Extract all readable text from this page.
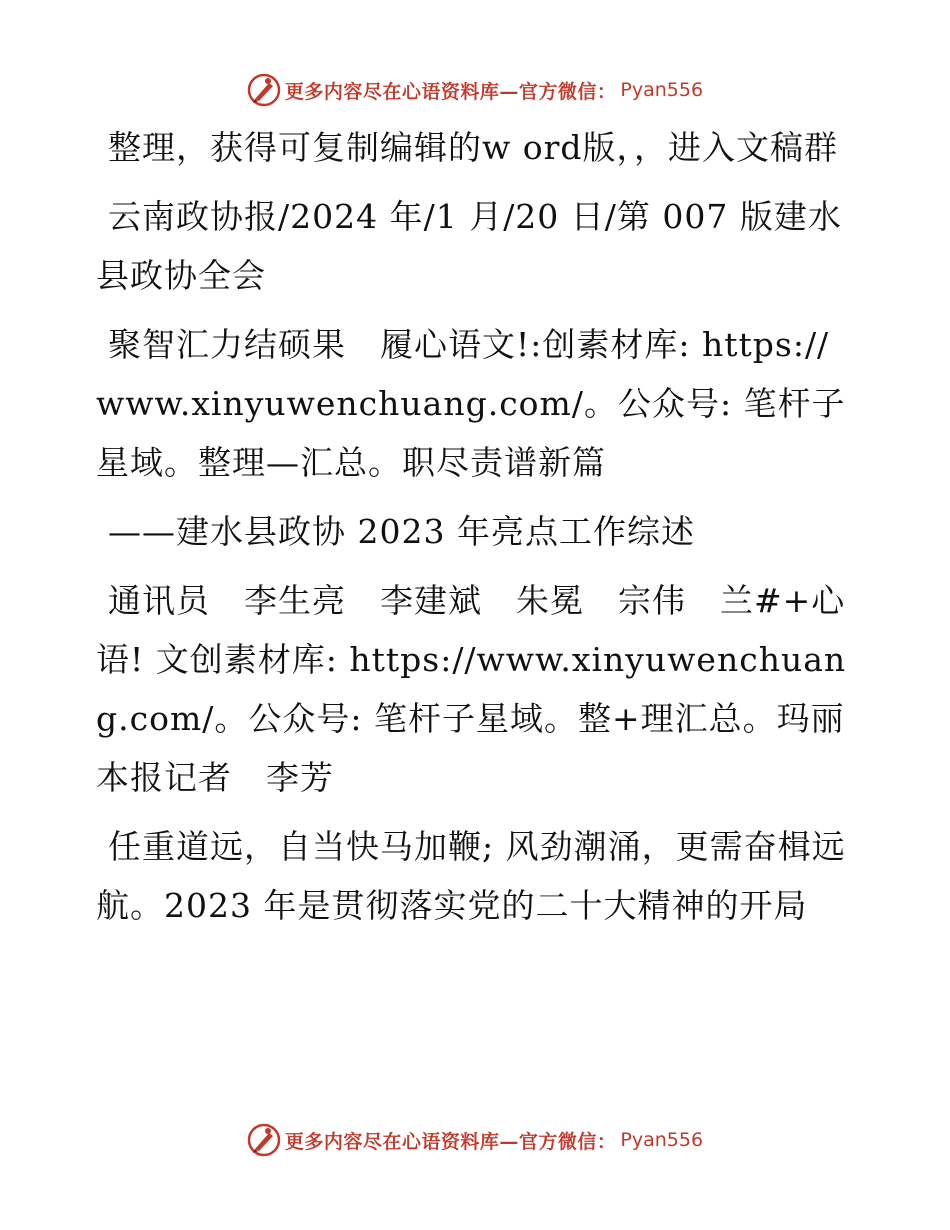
更多内容尽在心语资料库—官方微信： Pyan556

整理，获得可复制编辑的w ord版，，进入文稿群

云南政协报/2024 年/1 月/20 日/第 007 版建水县政协全会

聚智汇力结硕果　履心语文!:创素材库: https://www.xinyuwenchuang.com/。公众号: 笔杆子星域。整理—汇总。职尽责谱新篇

——建水县政协 2023 年亮点工作综述

通讯员　李生亮　李建斌　朱冕　宗伟　兰#+心语! 文创素材库: https://www.xinyuwenchuang.com/。公众号: 笔杆子星域。整+理汇总。玛丽　本报记者　李芳

任重道远，自当快马加鞭; 风劲潮涌，更需奋楫远航。2023 年是贯彻落实党的二十大精神的开局

更多内容尽在心语资料库—官方微信： Pyan556
